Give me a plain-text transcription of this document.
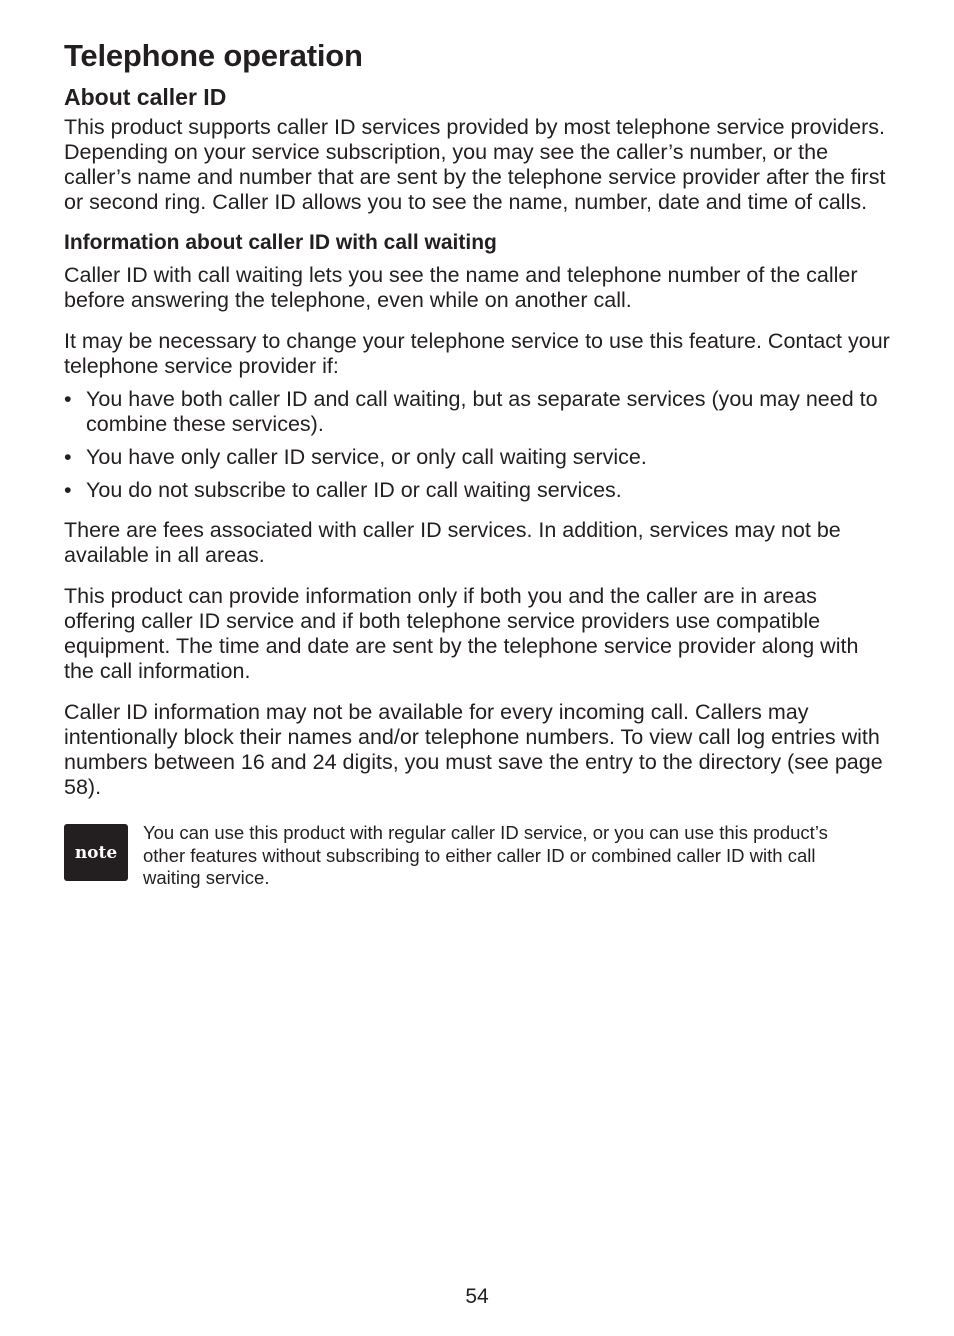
Telephone operation
About caller ID

This product supports caller ID services provided by most telephone service providers. Depending on your service subscription, you may see the caller’s number, or the caller’s name and number that are sent by the telephone service provider after the first or second ring. Caller ID allows you to see the name, number, date and time of calls.

Information about caller ID with call waiting

Caller ID with call waiting lets you see the name and telephone number of the caller before answering the telephone, even while on another call.

It may be necessary to change your telephone service to use this feature. Contact your telephone service provider if:

• You have both caller ID and call waiting, but as separate services (you may need to combine these services).
• You have only caller ID service, or only call waiting service.
• You do not subscribe to caller ID or call waiting services.

There are fees associated with caller ID services. In addition, services may not be available in all areas.

This product can provide information only if both you and the caller are in areas offering caller ID service and if both telephone service providers use compatible equipment. The time and date are sent by the telephone service provider along with the call information.

Caller ID information may not be available for every incoming call. Callers may intentionally block their names and/or telephone numbers. To view call log entries with numbers between 16 and 24 digits, you must save the entry to the directory (see page 58).

note
You can use this product with regular caller ID service, or you can use this product’s other features without subscribing to either caller ID or combined caller ID with call waiting service.
54
